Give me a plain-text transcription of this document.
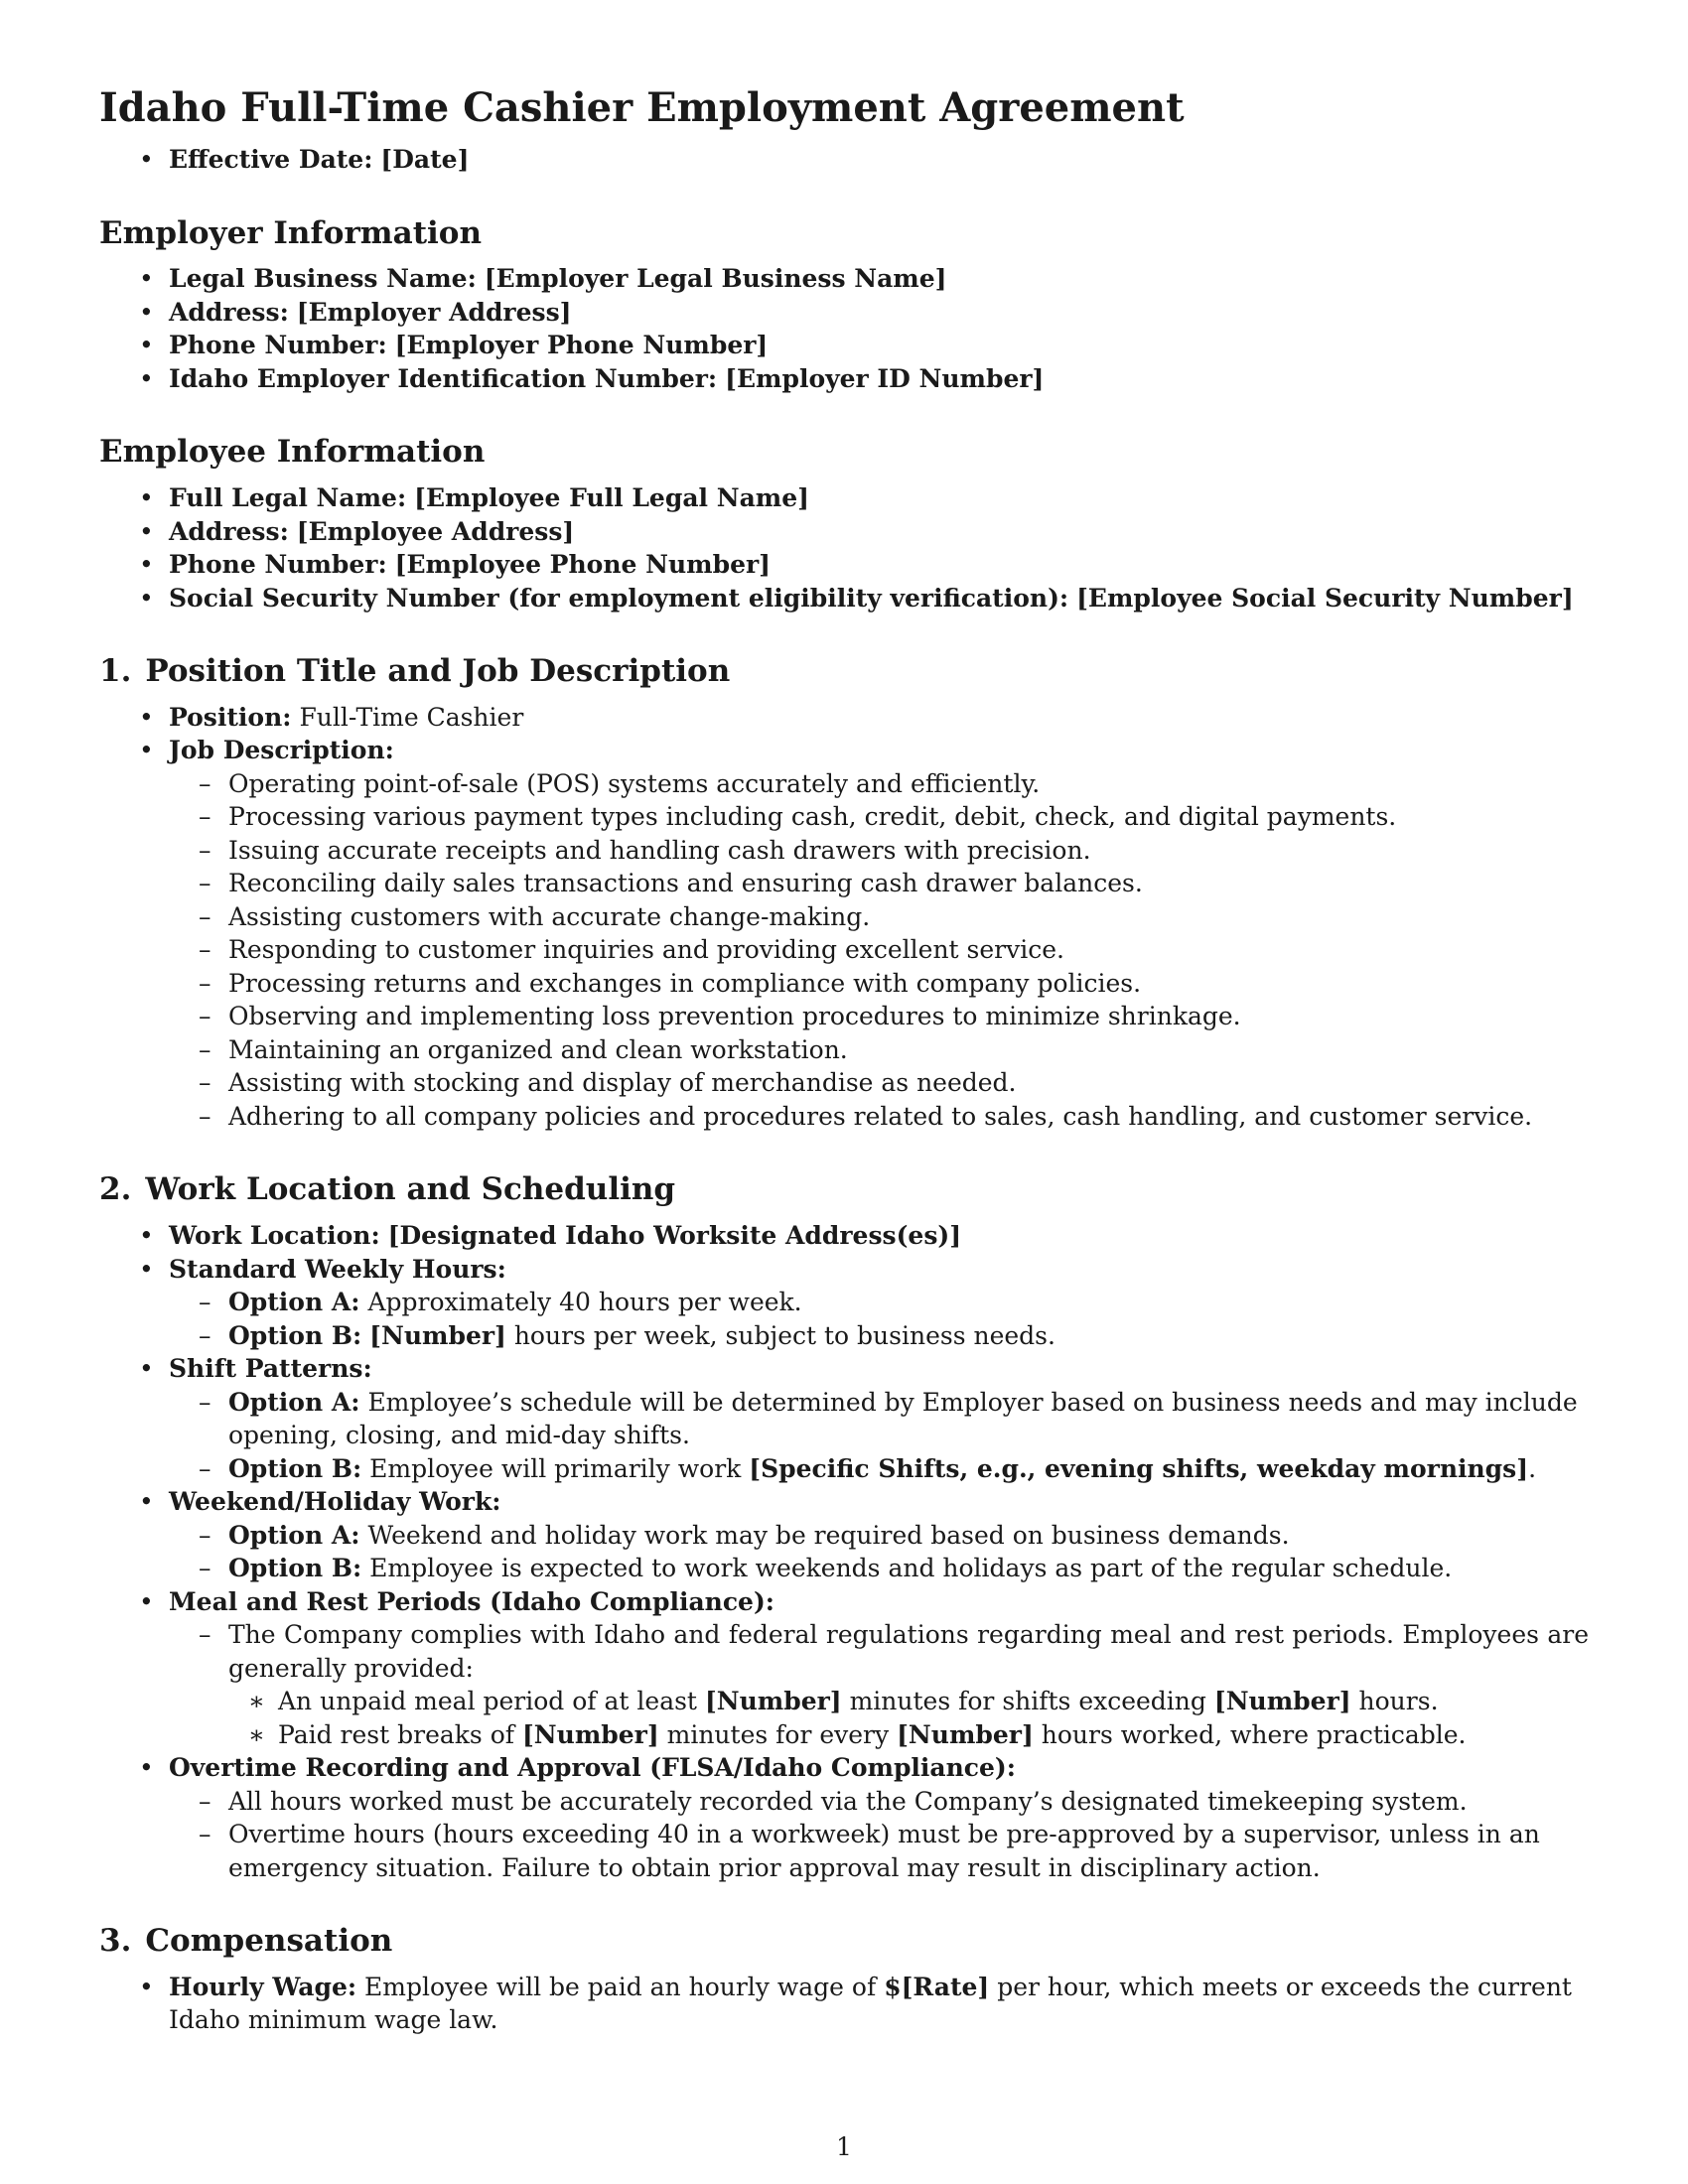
Idaho Full-Time Cashier Employment Agreement
• Effective Date: [Date]
Employer Information
• Legal Business Name: [Employer Legal Business Name]
• Address: [Employer Address]
• Phone Number: [Employer Phone Number]
• Idaho Employer Identification Number: [Employer ID Number]
Employee Information
• Full Legal Name: [Employee Full Legal Name]
• Address: [Employee Address]
• Phone Number: [Employee Phone Number]
• Social Security Number (for employment eligibility verification): [Employee Social Security Number]
1. Position Title and Job Description
• Position: Full-Time Cashier
• Job Description:
– Operating point-of-sale (POS) systems accurately and efficiently.
– Processing various payment types including cash, credit, debit, check, and digital payments.
– Issuing accurate receipts and handling cash drawers with precision.
– Reconciling daily sales transactions and ensuring cash drawer balances.
– Assisting customers with accurate change-making.
– Responding to customer inquiries and providing excellent service.
– Processing returns and exchanges in compliance with company policies.
– Observing and implementing loss prevention procedures to minimize shrinkage.
– Maintaining an organized and clean workstation.
– Assisting with stocking and display of merchandise as needed.
– Adhering to all company policies and procedures related to sales, cash handling, and customer service.
2. Work Location and Scheduling
• Work Location: [Designated Idaho Worksite Address(es)]
• Standard Weekly Hours:
– Option A: Approximately 40 hours per week.
– Option B: [Number] hours per week, subject to business needs.
• Shift Patterns:
– Option A: Employee’s schedule will be determined by Employer based on business needs and may include opening, closing, and mid-day shifts.
– Option B: Employee will primarily work [Specific Shifts, e.g., evening shifts, weekday mornings].
• Weekend/Holiday Work:
– Option A: Weekend and holiday work may be required based on business demands.
– Option B: Employee is expected to work weekends and holidays as part of the regular schedule.
• Meal and Rest Periods (Idaho Compliance):
– The Company complies with Idaho and federal regulations regarding meal and rest periods. Employees are generally provided:
∗ An unpaid meal period of at least [Number] minutes for shifts exceeding [Number] hours.
∗ Paid rest breaks of [Number] minutes for every [Number] hours worked, where practicable.
• Overtime Recording and Approval (FLSA/Idaho Compliance):
– All hours worked must be accurately recorded via the Company’s designated timekeeping system.
– Overtime hours (hours exceeding 40 in a workweek) must be pre-approved by a supervisor, unless in an emergency situation. Failure to obtain prior approval may result in disciplinary action.
3. Compensation
• Hourly Wage: Employee will be paid an hourly wage of $[Rate] per hour, which meets or exceeds the current Idaho minimum wage law.
1
